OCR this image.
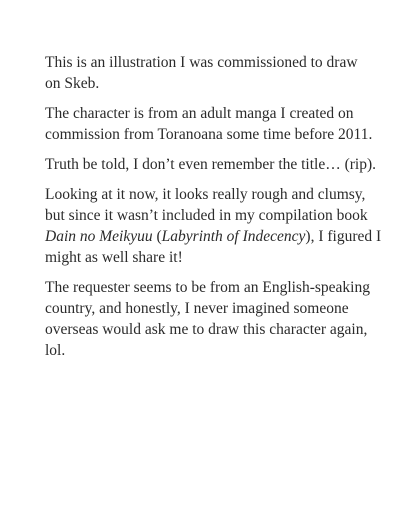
This is an illustration I was commissioned to draw
on Skeb.

The character is from an adult manga I created on
commission from Toranoana some time before 2011.

Truth be told, I don’t even remember the title… (rip).

Looking at it now, it looks really rough and clumsy,
but since it wasn’t included in my compilation book
Dain no Meikyuu (Labyrinth of Indecency), I figured I
might as well share it!

The requester seems to be from an English-speaking
country, and honestly, I never imagined someone
overseas would ask me to draw this character again,
lol.
